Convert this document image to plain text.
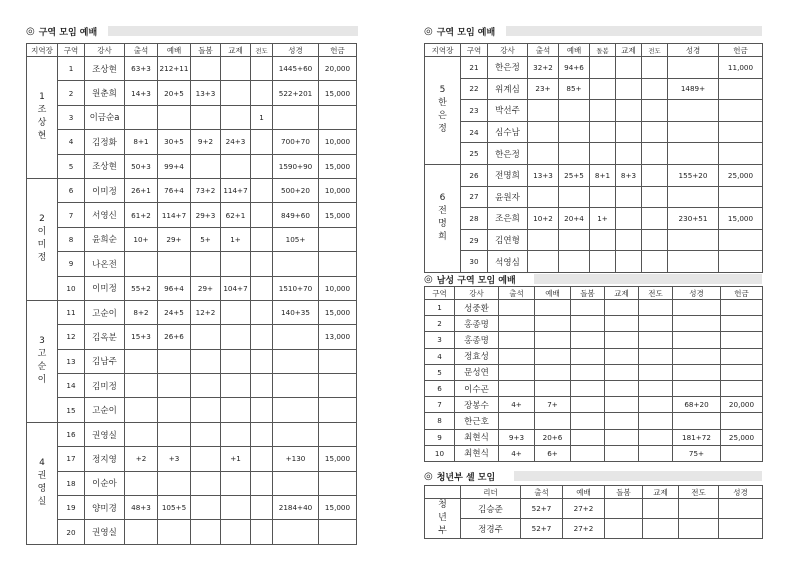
◎ 구역 모임 예배
지역장	구역	강사	출석	예배	돌봄	교제	전도	성경	헌금

1
조
상
현	1	조상현	63+3	212+11				1445+60	20,000
	2	원춘희	14+3	20+5	13+3			522+201	15,000
	3	이금순a					1		
	4	김정화	8+1	30+5	9+2	24+3		700+70	10,000
	5	조상현	50+3	99+4				1590+90	15,000

2
이
미
정	6	이미정	26+1	76+4	73+2	114+7		500+20	10,000
	7	서영신	61+2	114+7	29+3	62+1		849+60	15,000
	8	윤희순	10+	29+	5+	1+		105+	
	9	나온전							
	10	이미정	55+2	96+4	29+	104+7		1510+70	10,000

3
고
순
이	11	고순이	8+2	24+5	12+2			140+35	15,000
	12	김옥분	15+3	26+6					13,000
	13	김남주							
	14	김미정							
	15	고순이							

4
권
영
실	16	권영실							
	17	정지영	+2	+3		+1		+130	15,000
	18	이순아							
	19	양미경	48+3	105+5				2184+40	15,000
	20	권영실							
◎ 구역 모임 예배
지역장	구역	강사	출석	예배	돌봄	교제	전도	성경	헌금

5
한
은
정	21	한은정	32+2	94+6					11,000
	22	위계심	23+	85+				1489+	
	23	박선주							
	24	심수남							
	25	한은정							

6
전
명
희	26	전명희	13+3	25+5	8+1	8+3		155+20	25,000
	27	윤원자							
	28	조은희	10+2	20+4	1+			230+51	15,000
	29	김연형							
	30	석영심							
◎ 남성 구역 모임 예배
구역	강사	출석	예배	돌봄	교제	전도	성경	헌금
1	성중환							
2	홍종명							
3	홍종명							
4	정효성							
5	문성연							
6	이수곤							
7	장봉수	4+	7+				68+20	20,000
8	한근호							
9	최현식	9+3	20+6				181+72	25,000
10	최현식	4+	6+				75+	
◎ 청년부 셀 모임
	리더	출석	예배	돌봄	교제	전도	성경

청
년
부	김승준	52+7	27+2				
	정경주	52+7	27+2				
